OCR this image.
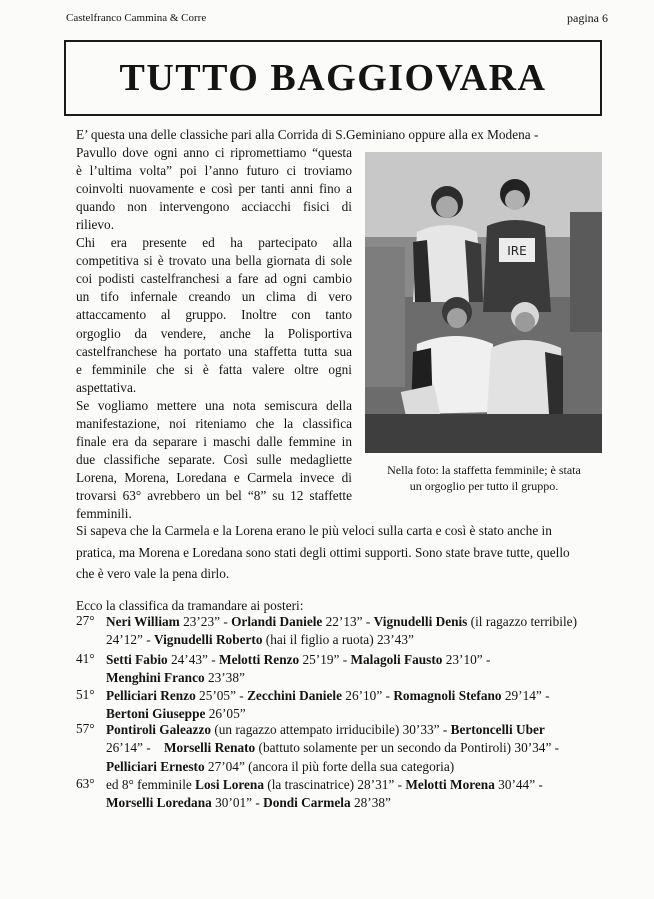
Castelfranco Cammina & Corre	pagina 6
TUTTO BAGGIOVARA

E’ questa una delle classiche pari alla Corrida di S.Geminiano oppure alla ex Modena -

Pavullo dove ogni anno ci ripromettiamo “questa
è l’ultima volta” poi l’anno futuro ci troviamo
coinvolti nuovamente e così per tanti anni fino a
quando non intervengono acciacchi fisici di
rilievo.
Chi era presente ed ha partecipato alla
competitiva si è trovato una bella giornata di sole
coi podisti castelfranchesi a fare ad ogni cambio
un tifo infernale creando un clima di vero
attaccamento al gruppo. Inoltre con tanto
orgoglio da vendere, anche la Polisportiva
castelfranchese ha portato una staffetta tutta sua
e femminile che si è fatta valere oltre ogni
aspettativa.
Se vogliamo mettere una nota semiscura della
manifestazione, noi riteniamo che la classifica
finale era da separare i maschi dalle femmine in
due classifiche separate. Così sulle medagliette
Lorena, Morena, Loredana e Carmela invece di
trovarsi 63° avrebbero un bel “8” su 12 staffette
femminili.
Si sapeva che la Carmela e la Lorena erano le più veloci sulla carta e così è stato anche in
pratica, ma Morena e Loredana sono stati degli ottimi supporti. Sono state brave tutte, quello
che è vero vale la pena dirlo.
IRE

Nella foto: la staffetta femminile; è stata
un orgoglio per tutto il gruppo.

Ecco la classifica da tramandare ai posteri:
27° Neri William 23’23” - Orlandi Daniele 22’13” - Vignudelli Denis (il ragazzo terribile)
24’12” - Vignudelli Roberto (hai il figlio a ruota) 23’43”
41° Setti Fabio 24’43” - Melotti Renzo 25’19” - Malagoli Fausto 23’10” -
Menghini Franco 23’38”
51° Pelliciari Renzo 25’05” - Zecchini Daniele 26’10” - Romagnoli Stefano 29’14” -
Bertoni Giuseppe 26’05”
57° Pontiroli Galeazzo (un ragazzo attempato irriducibile) 30’33” - Bertoncelli Uber
26’14” -    Morselli Renato (battuto solamente per un secondo da Pontiroli) 30’34” -
Pelliciari Ernesto 27’04” (ancora il più forte della sua categoria)
63° ed 8° femminile Losi Lorena (la trascinatrice) 28’31” - Melotti Morena 30’44” -
Morselli Loredana 30’01” - Dondi Carmela 28’38”
